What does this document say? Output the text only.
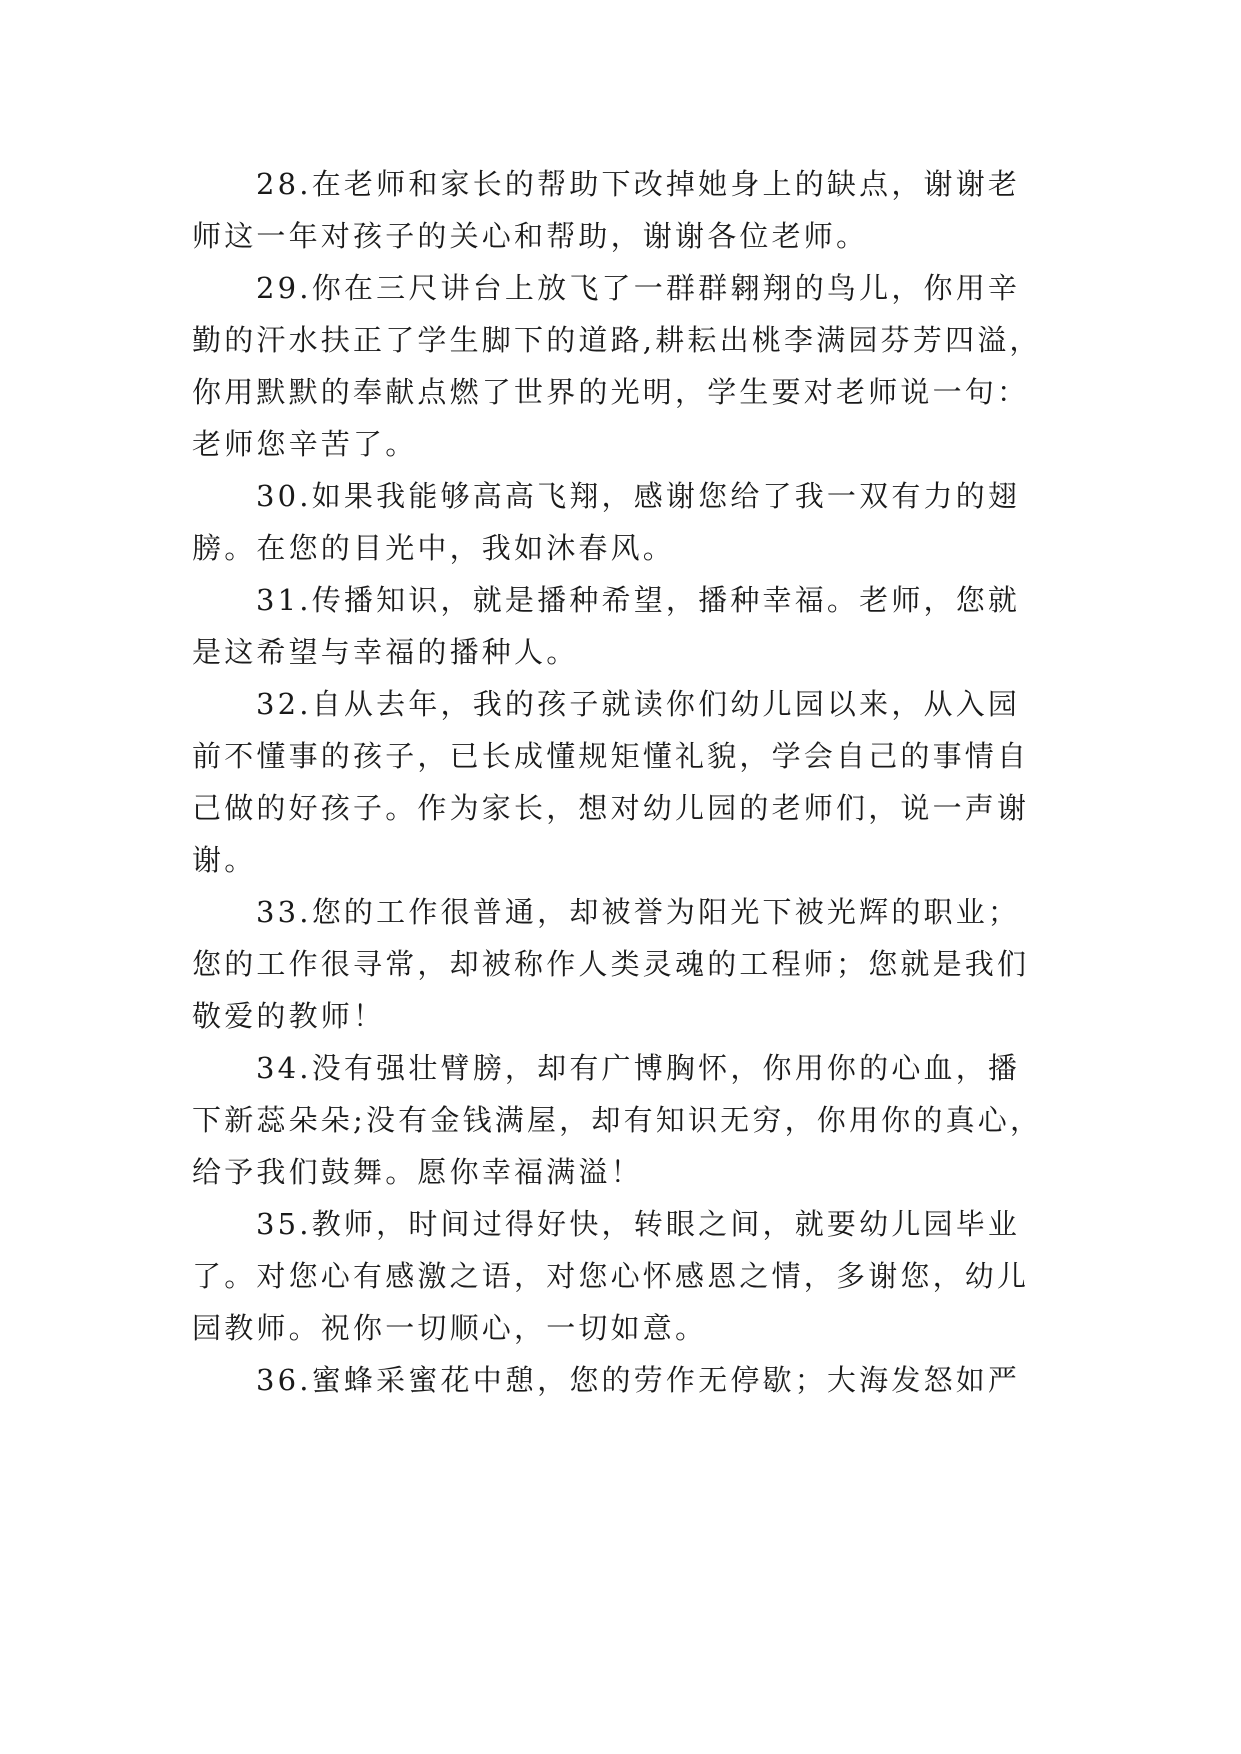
28.在老师和家长的帮助下改掉她身上的缺点，谢谢老
师这一年对孩子的关心和帮助，谢谢各位老师。
29.你在三尺讲台上放飞了一群群翱翔的鸟儿，你用辛
勤的汗水扶正了学生脚下的道路,耕耘出桃李满园芬芳四溢，
你用默默的奉献点燃了世界的光明，学生要对老师说一句：
老师您辛苦了。
30.如果我能够高高飞翔，感谢您给了我一双有力的翅
膀。在您的目光中，我如沐春风。
31.传播知识，就是播种希望，播种幸福。老师，您就
是这希望与幸福的播种人。
32.自从去年，我的孩子就读你们幼儿园以来，从入园
前不懂事的孩子，已长成懂规矩懂礼貌，学会自己的事情自
己做的好孩子。作为家长，想对幼儿园的老师们，说一声谢
谢。
33.您的工作很普通，却被誉为阳光下被光辉的职业；
您的工作很寻常，却被称作人类灵魂的工程师；您就是我们
敬爱的教师！
34.没有强壮臂膀，却有广博胸怀，你用你的心血，播
下新蕊朵朵;没有金钱满屋，却有知识无穷，你用你的真心，
给予我们鼓舞。愿你幸福满溢！
35.教师，时间过得好快，转眼之间，就要幼儿园毕业
了。对您心有感激之语，对您心怀感恩之情，多谢您，幼儿
园教师。祝你一切顺心，一切如意。
36.蜜蜂采蜜花中憩，您的劳作无停歇；大海发怒如严
